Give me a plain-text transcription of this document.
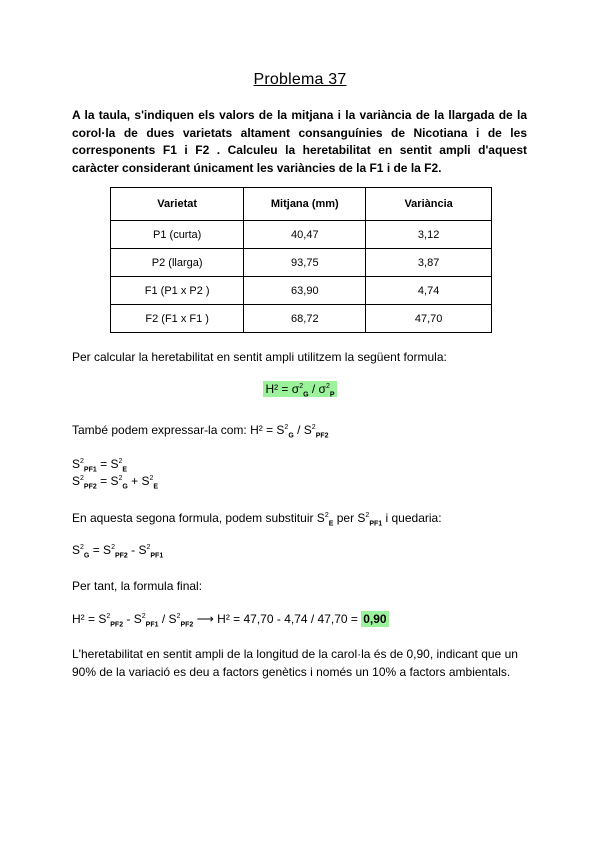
Problema 37
A la taula, s'indiquen els valors de la mitjana i la variància de la llargada de la corol·la de dues varietats altament consanguínies de Nicotiana i de les corresponents F1 i F2 . Calculeu la heretabilitat en sentit ampli d'aquest caràcter considerant únicament les variàncies de la F1 i de la F2.
Varietat	Mitjana (mm)	Variància
P1 (curta)	40,47	3,12
P2 (llarga)	93,75	3,87
F1 (P1 x P2 )	63,90	4,74
F2 (F1 x F1 )	68,72	47,70
Per calcular la heretabilitat en sentit ampli utilitzem la següent formula:
$H^2 = \sigma^2_G / \sigma^2_P$
També podem expressar-la com: $H^2 = S^2_G / S^2_{PF2}$
$S^2_{PF1} = S^2_E$
$S^2_{PF2} = S^2_G + S^2_E$
En aquesta segona formula, podem substituir $S^2_E$ per $S^2_{PF1}$ i quedaria:
$S^2_G = S^2_{PF2} - S^2_{PF1}$
Per tant, la formula final:
$H^2 = S^2_{PF2} - S^2_{PF1} / S^2_{PF2}$ ⟶ H² = 47,70 - 4,74 / 47,70 = 0,90
L'heretabilitat en sentit ampli de la longitud de la carol·la és de 0,90, indicant que un 90% de la variació es deu a factors genètics i només un 10% a factors ambientals.
